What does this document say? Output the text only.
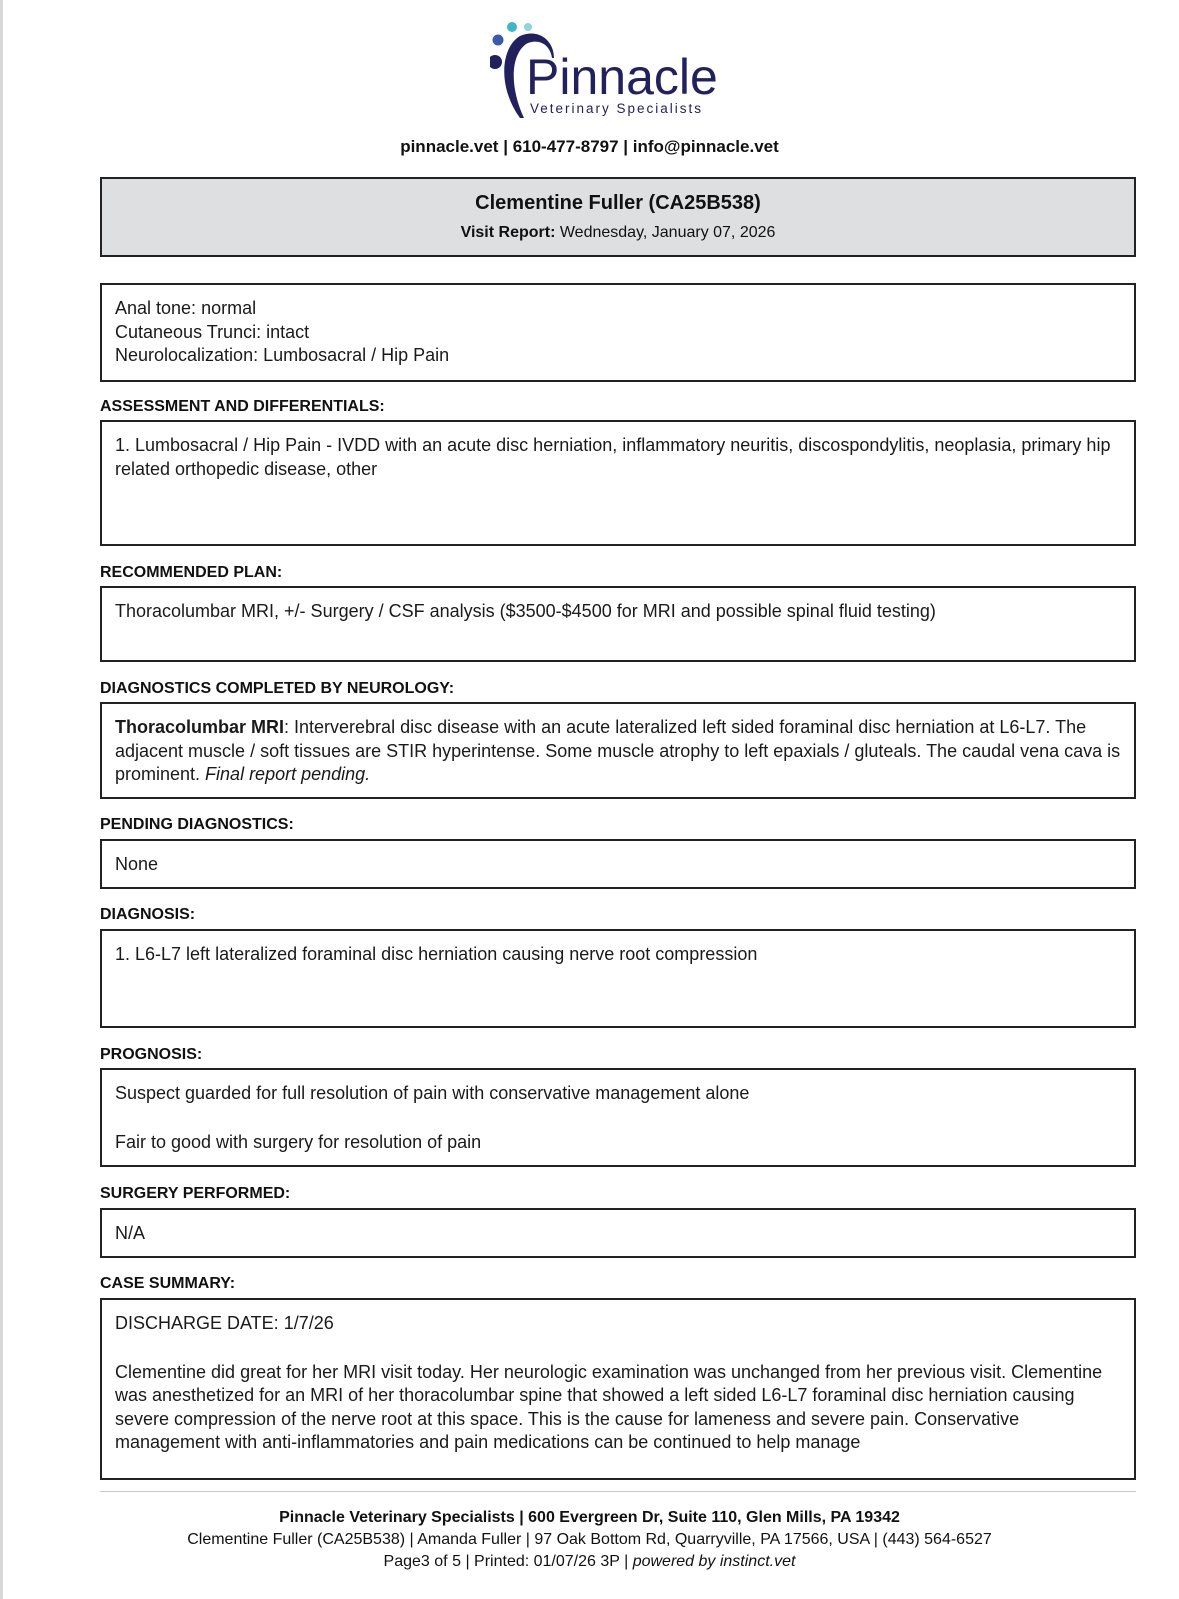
Pinnacle
Veterinary Specialists
pinnacle.vet | 610-477-8797 | info@pinnacle.vet
Clementine Fuller (CA25B538)
Visit Report: Wednesday, January 07, 2026

Anal tone: normal

Cutaneous Trunci: intact

Neurolocalization: Lumbosacral / Hip Pain

ASSESSMENT AND DIFFERENTIALS:

1. Lumbosacral / Hip Pain - IVDD with an acute disc herniation, inflammatory neuritis, discospondylitis, neoplasia, primary hip related orthopedic disease, other

RECOMMENDED PLAN:

Thoracolumbar MRI, +/- Surgery / CSF analysis ($3500-$4500 for MRI and possible spinal fluid testing)

DIAGNOSTICS COMPLETED BY NEUROLOGY:

Thoracolumbar MRI: Interverebral disc disease with an acute lateralized left sided foraminal disc herniation at L6-L7. The adjacent muscle / soft tissues are STIR hyperintense. Some muscle atrophy to left epaxials / gluteals. The caudal vena cava is prominent. Final report pending.

PENDING DIAGNOSTICS:

None

DIAGNOSIS:

1. L6-L7 left lateralized foraminal disc herniation causing nerve root compression

PROGNOSIS:

Suspect guarded for full resolution of pain with conservative management alone

Fair to good with surgery for resolution of pain

SURGERY PERFORMED:

N/A

CASE SUMMARY:

DISCHARGE DATE: 1/7/26

Clementine did great for her MRI visit today. Her neurologic examination was unchanged from her previous visit. Clementine was anesthetized for an MRI of her thoracolumbar spine that showed a left sided L6-L7 foraminal disc herniation causing severe compression of the nerve root at this space. This is the cause for lameness and severe pain. Conservative management with anti-inflammatories and pain medications can be continued to help manage

Pinnacle Veterinary Specialists | 600 Evergreen Dr, Suite 110, Glen Mills, PA 19342
Clementine Fuller (CA25B538) | Amanda Fuller | 97 Oak Bottom Rd, Quarryville, PA 17566, USA | (443) 564-6527
Page3 of 5 | Printed: 01/07/26 3P | powered by instinct.vet
